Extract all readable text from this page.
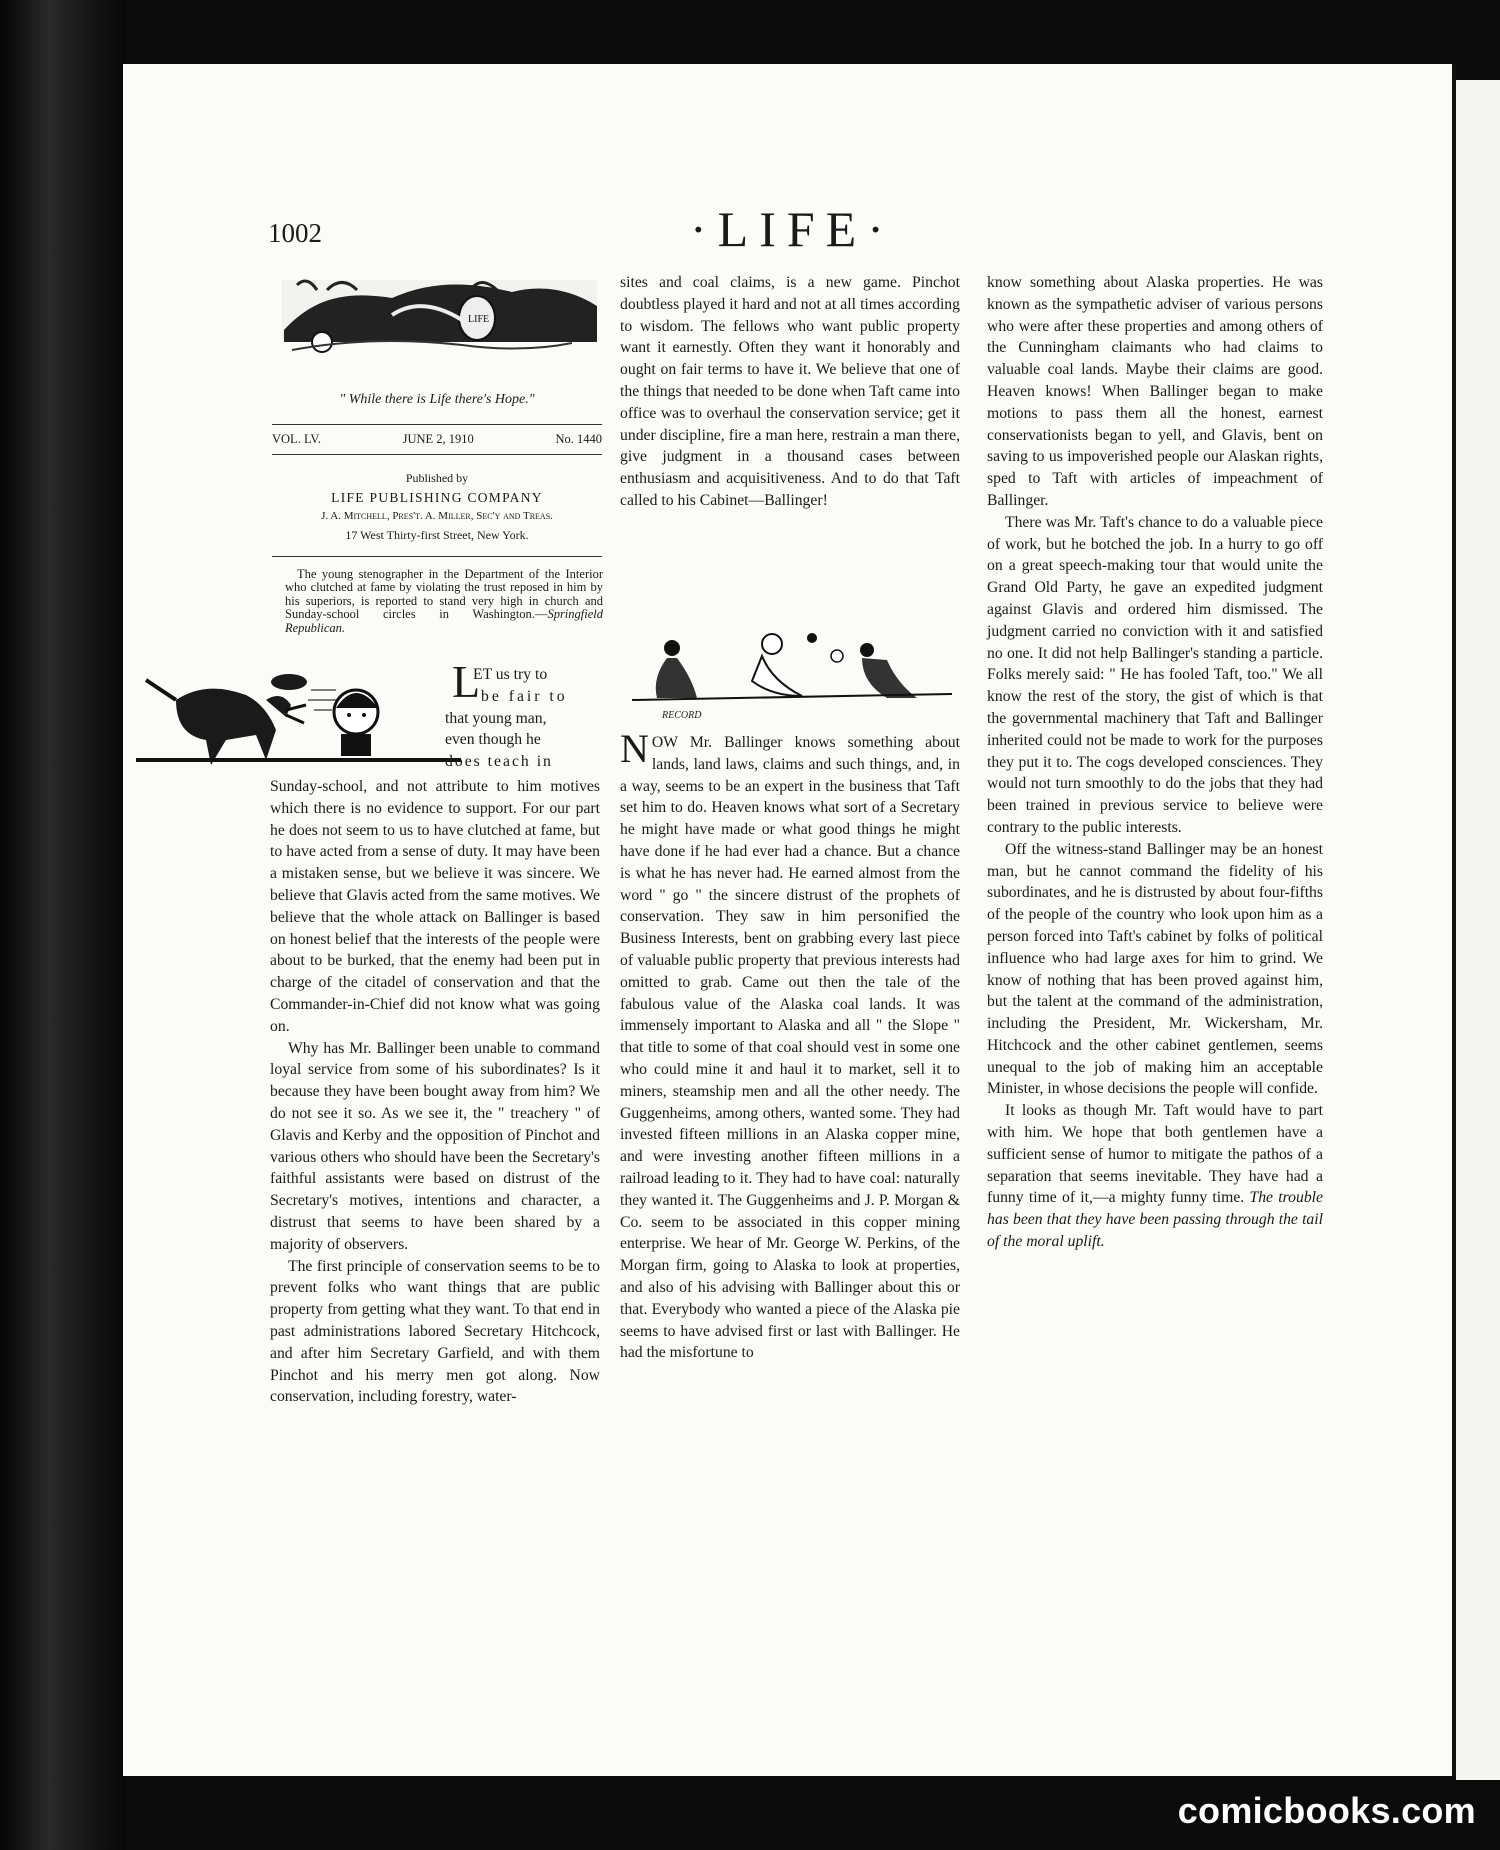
1002	·LIFE·
LIFE
" While there is Life there's Hope."
VOL. LV.	JUNE 2, 1910	No. 1440
Published by
LIFE PUBLISHING COMPANY
J. A. Mitchell, Pres't. A. Miller, Sec'y and Treas.
17 West Thirty-first Street, New York.

The young stenographer in the Department of the Interior who clutched at fame by violating the trust reposed in him by his superiors, is reported to stand very high in church and Sunday-school circles in Washington.—Springfield Republican.

L
ET us try to
be fair to
that young man,
even though he
does teach in

Sunday-school, and not attribute to him motives which there is no evidence to support. For our part he does not seem to us to have clutched at fame, but to have acted from a sense of duty. It may have been a mistaken sense, but we believe it was sincere. We believe that Glavis acted from the same motives. We believe that the whole attack on Ballinger is based on honest belief that the interests of the people were about to be burked, that the enemy had been put in charge of the citadel of conservation and that the Commander-in-Chief did not know what was going on.

Why has Mr. Ballinger been unable to command loyal service from some of his subordinates? Is it because they have been bought away from him? We do not see it so. As we see it, the " treachery " of Glavis and Kerby and the opposition of Pinchot and various others who should have been the Secretary's faithful assistants were based on distrust of the Secretary's motives, intentions and character, a distrust that seems to have been shared by a majority of observers.

The first principle of conservation seems to be to prevent folks who want things that are public property from getting what they want. To that end in past administrations labored Secretary Hitchcock, and after him Secretary Garfield, and with them Pinchot and his merry men got along. Now conservation, including forestry, water-

sites and coal claims, is a new game. Pinchot doubtless played it hard and not at all times according to wisdom. The fellows who want public property want it earnestly. Often they want it honorably and ought on fair terms to have it. We believe that one of the things that needed to be done when Taft came into office was to overhaul the conservation service; get it under discipline, fire a man here, restrain a man there, give judgment in a thousand cases between enthusiasm and acquisitiveness. And to do that Taft called to his Cabinet—Ballinger!

RECORD

NOW Mr. Ballinger knows something about lands, land laws, claims and such things, and, in a way, seems to be an expert in the business that Taft set him to do. Heaven knows what sort of a Secretary he might have made or what good things he might have done if he had ever had a chance. But a chance is what he has never had. He earned almost from the word " go " the sincere distrust of the prophets of conservation. They saw in him personified the Business Interests, bent on grabbing every last piece of valuable public property that previous interests had omitted to grab. Came out then the tale of the fabulous value of the Alaska coal lands. It was immensely important to Alaska and all " the Slope " that title to some of that coal should vest in some one who could mine it and haul it to market, sell it to miners, steamship men and all the other needy. The Guggenheims, among others, wanted some. They had invested fifteen millions in an Alaska copper mine, and were investing another fifteen millions in a railroad leading to it. They had to have coal: naturally they wanted it. The Guggenheims and J. P. Morgan & Co. seem to be associated in this copper mining enterprise. We hear of Mr. George W. Perkins, of the Morgan firm, going to Alaska to look at properties, and also of his advising with Ballinger about this or that. Everybody who wanted a piece of the Alaska pie seems to have advised first or last with Ballinger. He had the misfortune to

know something about Alaska properties. He was known as the sympathetic adviser of various persons who were after these properties and among others of the Cunningham claimants who had claims to valuable coal lands. Maybe their claims are good. Heaven knows! When Ballinger began to make motions to pass them all the honest, earnest conservationists began to yell, and Glavis, bent on saving to us impoverished people our Alaskan rights, sped to Taft with articles of impeachment of Ballinger.

There was Mr. Taft's chance to do a valuable piece of work, but he botched the job. In a hurry to go off on a great speech-making tour that would unite the Grand Old Party, he gave an expedited judgment against Glavis and ordered him dismissed. The judgment carried no conviction with it and satisfied no one. It did not help Ballinger's standing a particle. Folks merely said: " He has fooled Taft, too." We all know the rest of the story, the gist of which is that the governmental machinery that Taft and Ballinger inherited could not be made to work for the purposes they put it to. The cogs developed consciences. They would not turn smoothly to do the jobs that they had been trained in previous service to believe were contrary to the public interests.

Off the witness-stand Ballinger may be an honest man, but he cannot command the fidelity of his subordinates, and he is distrusted by about four-fifths of the people of the country who look upon him as a person forced into Taft's cabinet by folks of political influence who had large axes for him to grind. We know of nothing that has been proved against him, but the talent at the command of the administration, including the President, Mr. Wickersham, Mr. Hitchcock and the other cabinet gentlemen, seems unequal to the job of making him an acceptable Minister, in whose decisions the people will confide.

It looks as though Mr. Taft would have to part with him. We hope that both gentlemen have a sufficient sense of humor to mitigate the pathos of a separation that seems inevitable. They have had a funny time of it,—a mighty funny time. The trouble has been that they have been passing through the tail of the moral uplift.

comicbooks.com
